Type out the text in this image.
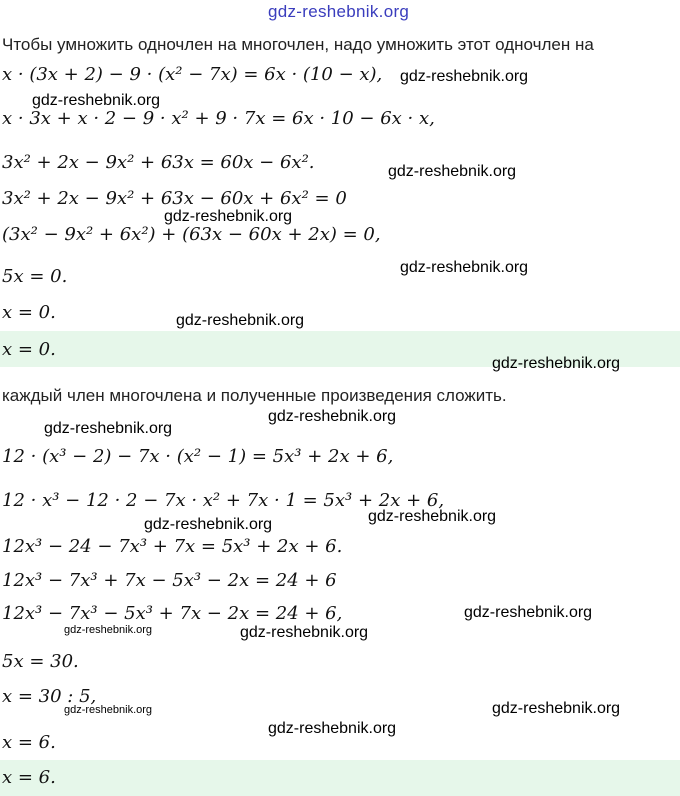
gdz-reshebnik.org
Чтобы умножить одночлен на многочлен, надо умножить этот одночлен на
x · (3x + 2) − 9 · (x² − 7x) = 6x · (10 − x),
x · 3x + x · 2 − 9 · x² + 9 · 7x = 6x · 10 − 6x · x,
3x² + 2x − 9x² + 63x = 60x − 6x².
3x² + 2x − 9x² + 63x − 60x + 6x² = 0
(3x² − 9x² + 6x²) + (63x − 60x + 2x) = 0,
5x = 0.
x = 0.
x = 0.
каждый член многочлена и полученные произведения сложить.
12 · (x³ − 2) − 7x · (x² − 1) = 5x³ + 2x + 6,
12 · x³ − 12 · 2 − 7x · x² + 7x · 1 = 5x³ + 2x + 6,
12x³ − 24 − 7x³ + 7x = 5x³ + 2x + 6.
12x³ − 7x³ + 7x − 5x³ − 2x = 24 + 6
12x³ − 7x³ − 5x³ + 7x − 2x = 24 + 6,
5x = 30.
x = 30 : 5,
x = 6.
x = 6.
gdz-reshebnik.org
gdz-reshebnik.org
gdz-reshebnik.org
gdz-reshebnik.org
gdz-reshebnik.org
gdz-reshebnik.org
gdz-reshebnik.org
gdz-reshebnik.org
gdz-reshebnik.org
gdz-reshebnik.org
gdz-reshebnik.org
gdz-reshebnik.org
gdz-reshebnik.org	gdz-reshebnik.org
gdz-reshebnik.org
gdz-reshebnik.org
gdz-reshebnik.org
